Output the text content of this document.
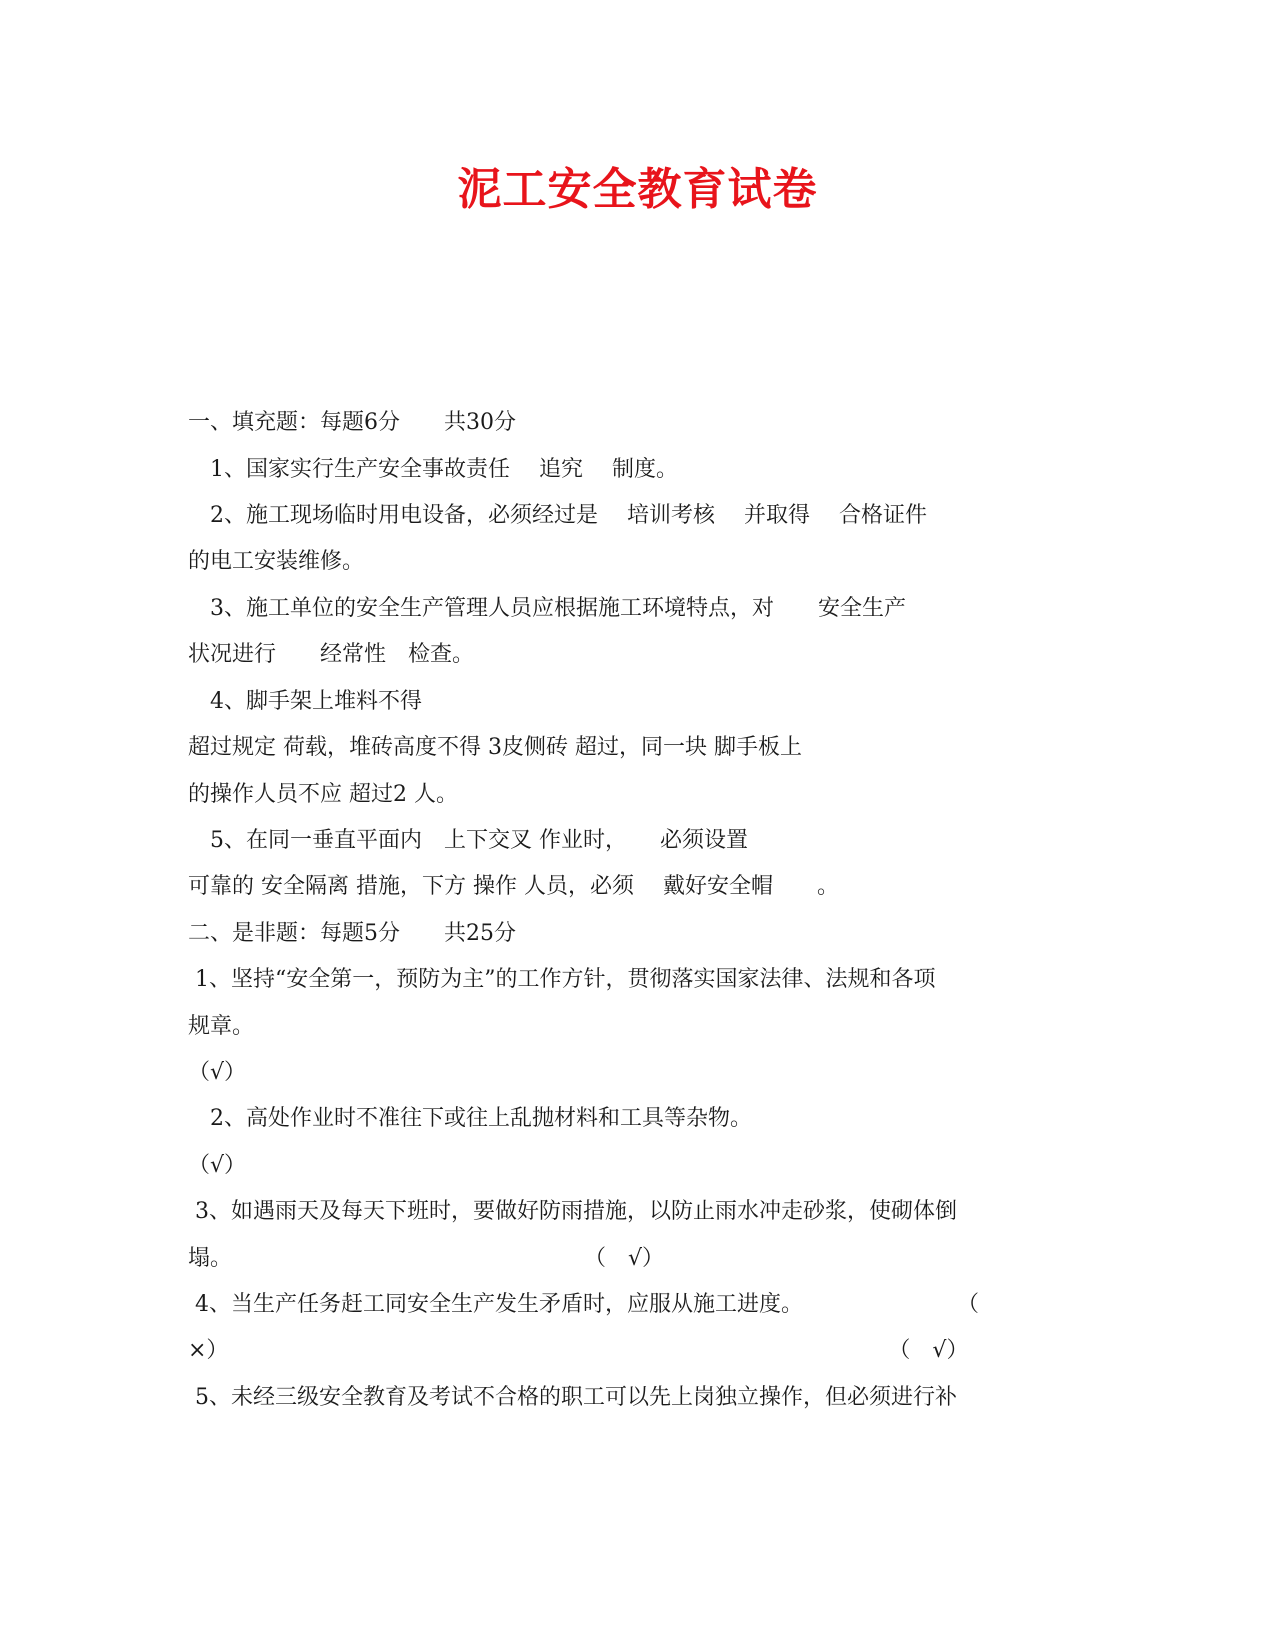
泥工安全教育试卷
一、填充题：每题6分　　共30分
　1、国家实行生产安全事故责任　 追究　 制度。
　2、施工现场临时用电设备，必须经过是　 培训考核　 并取得　 合格证件
的电工安装维修。
　3、施工单位的安全生产管理人员应根据施工环境特点，对　　安全生产
状况进行　　经常性　检查。
　4、脚手架上堆料不得
超过规定 荷载，堆砖高度不得 3皮侧砖 超过，同一块 脚手板上
的操作人员不应 超过2 人。
　5、在同一垂直平面内　上下交叉 作业时，　　必须设置
可靠的 安全隔离 措施，下方 操作 人员，必须　 戴好安全帽　　。
二、是非题：每题5分　　共25分
1、坚持“安全第一，预防为主”的工作方针，贯彻落实国家法律、法规和各项
规章。
（√）
　2、高处作业时不准往下或往上乱抛材料和工具等杂物。
（√）
3、如遇雨天及每天下班时，要做好防雨措施，以防止雨水冲走砂浆，使砌体倒
塌。　　　　　　　　　　　　　　　　　（　√）
4、当生产任务赶工同安全生产发生矛盾时，应服从施工进度。　　　　　　　　（
×）　　　　　　　　　　　　　　　　　　　　　　　　　　　　　　　（　√）
5、未经三级安全教育及考试不合格的职工可以先上岗独立操作，但必须进行补
